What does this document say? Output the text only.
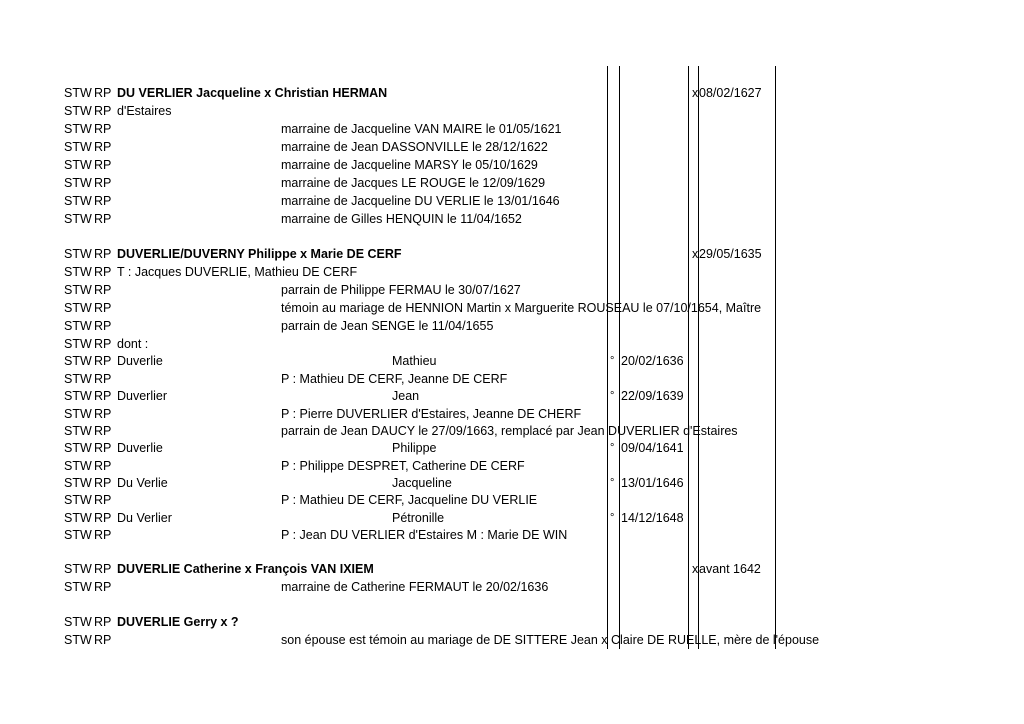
STW RP DU VERLIER Jacqueline x Christian HERMAN	x 08/02/1627
STW RP d'Estaires
STW RP	marraine de Jacqueline VAN MAIRE le 01/05/1621
STW RP	marraine de Jean DASSONVILLE le 28/12/1622
STW RP	marraine de Jacqueline MARSY le 05/10/1629
STW RP	marraine de Jacques LE ROUGE le 12/09/1629
STW RP	marraine de Jacqueline DU VERLIE le 13/01/1646
STW RP	marraine de Gilles HENQUIN le 11/04/1652
STW RP DUVERLIE/DUVERNY Philippe x Marie DE CERF	x 29/05/1635
STW RP T : Jacques DUVERLIE, Mathieu DE CERF
STW RP	parrain de Philippe FERMAU le 30/07/1627
STW RP	témoin au mariage de HENNION Martin x Marguerite ROUSEAU le 07/10/1654, Maître
STW RP	parrain de Jean SENGE le 11/04/1655
STW RP dont :
STW RP Duverlie	Mathieu	° 20/02/1636
STW RP	P : Mathieu DE CERF, Jeanne DE CERF
STW RP Duverlier	Jean	° 22/09/1639
STW RP	P : Pierre DUVERLIER d'Estaires, Jeanne DE CHERF
STW RP	parrain de Jean DAUCY le 27/09/1663, remplacé par Jean DUVERLIER d'Estaires
STW RP Duverlie	Philippe	° 09/04/1641
STW RP	P : Philippe DESPRET, Catherine DE CERF
STW RP Du Verlie	Jacqueline	° 13/01/1646
STW RP	P : Mathieu DE CERF, Jacqueline DU VERLIE
STW RP Du Verlier	Pétronille	° 14/12/1648
STW RP	P : Jean DU VERLIER d'Estaires M : Marie DE WIN
STW RP DUVERLIE Catherine x François VAN IXIEM	x avant 1642
STW RP	marraine de Catherine FERMAUT le 20/02/1636
STW RP DUVERLIE Gerry x ?
STW RP	son épouse est témoin au mariage de DE SITTERE Jean x Claire DE RUELLE, mère de l'épouse
